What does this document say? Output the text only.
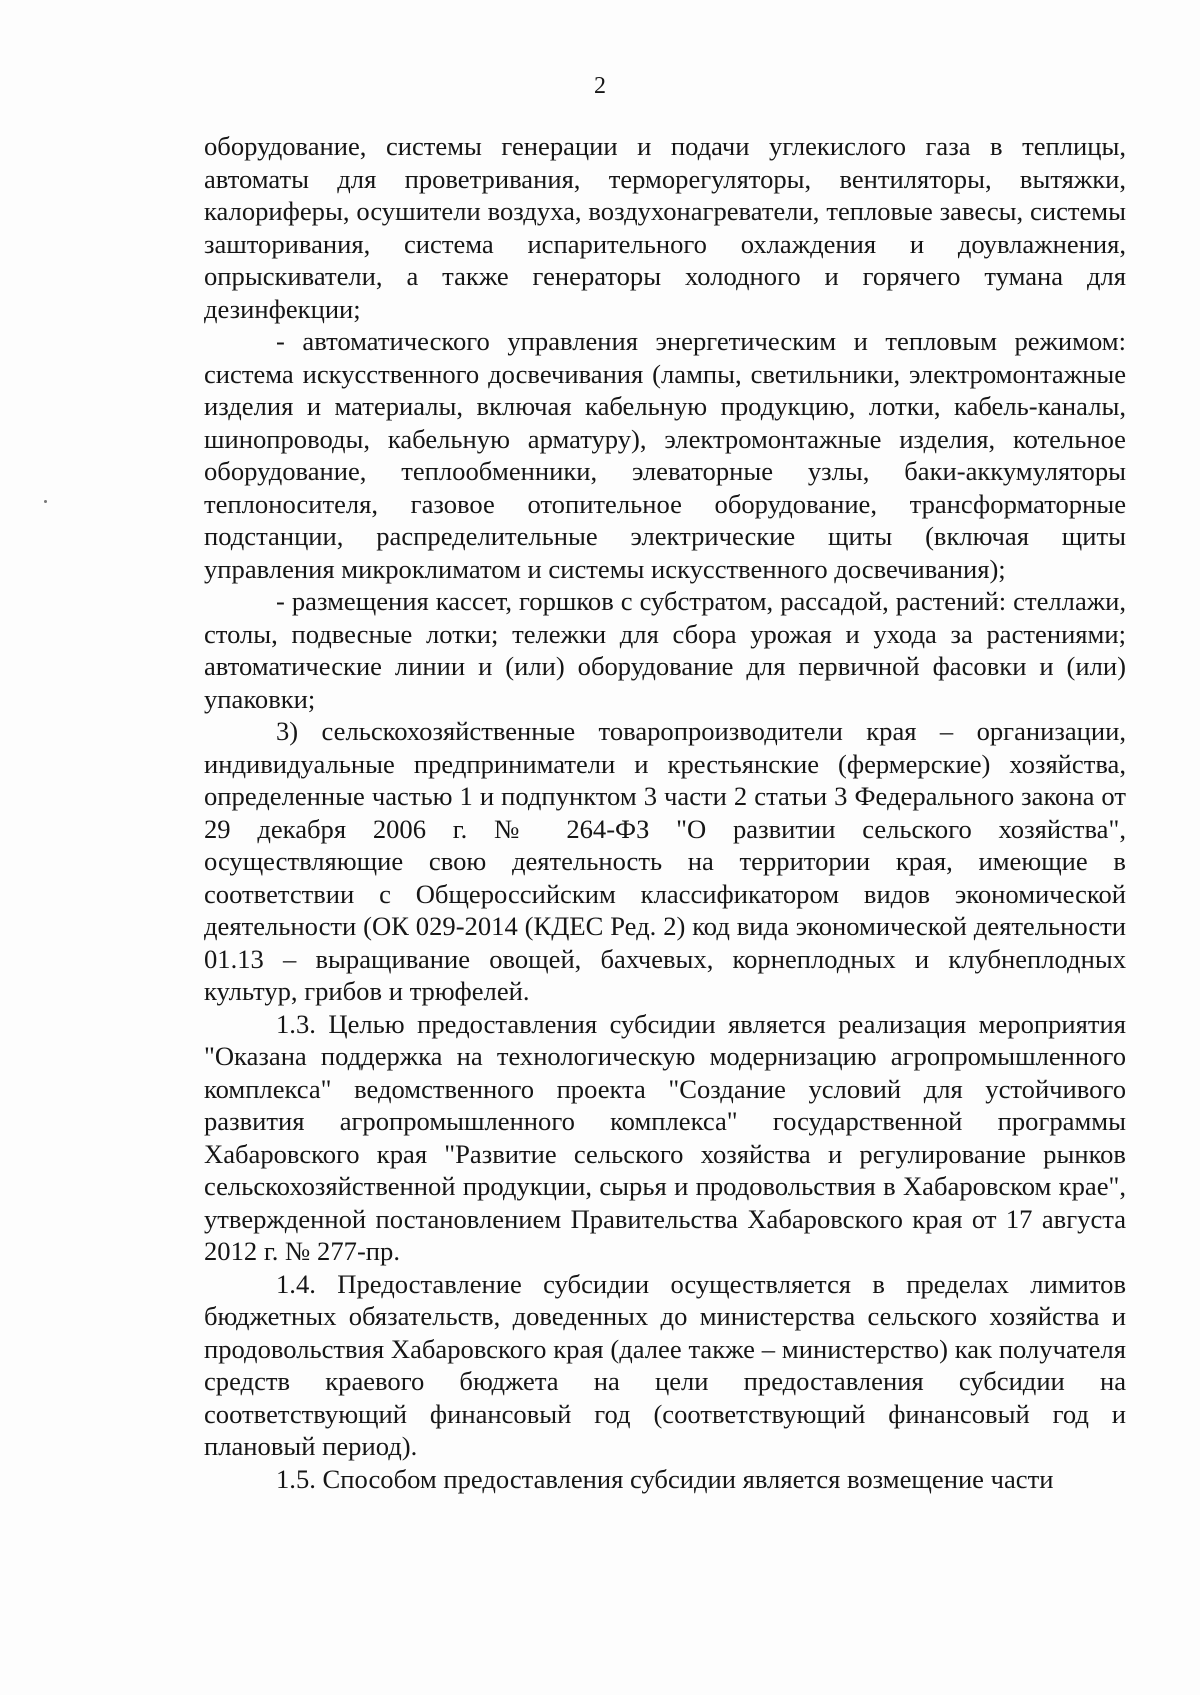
2

оборудование, системы генерации и подачи углекислого газа в теплицы, автоматы для проветривания, терморегуляторы, вентиляторы, вытяжки, калориферы, осушители воздуха, воздухонагреватели, тепловые завесы, системы зашторивания, система испарительного охлаждения и доувлажнения, опрыскиватели, а также генераторы холодного и горячего тумана для дезинфекции;

- автоматического управления энергетическим и тепловым режимом: система искусственного досвечивания (лампы, светильники, электромонтажные изделия и материалы, включая кабельную продукцию, лотки, кабель-каналы, шинопроводы, кабельную арматуру), электромонтажные изделия, котельное оборудование, теплообменники, элеваторные узлы, баки-аккумуляторы теплоносителя, газовое отопительное оборудование, трансформаторные подстанции, распределительные электрические щиты (включая щиты управления микроклиматом и системы искусственного досвечивания);

- размещения кассет, горшков с субстратом, рассадой, растений: стеллажи, столы, подвесные лотки; тележки для сбора урожая и ухода за растениями; автоматические линии и (или) оборудование для первичной фасовки и (или) упаковки;

3) сельскохозяйственные товаропроизводители края – организации, индивидуальные предприниматели и крестьянские (фермерские) хозяйства, определенные частью 1 и подпунктом 3 части 2 статьи 3 Федерального закона от 29 декабря 2006 г. № 264-ФЗ "О развитии сельского хозяйства", осуществляющие свою деятельность на территории края, имеющие в соответствии с Общероссийским классификатором видов экономической деятельности (ОК 029-2014 (КДЕС Ред. 2) код вида экономической деятельности 01.13 – выращивание овощей, бахчевых, корнеплодных и клубнеплодных культур, грибов и трюфелей.

1.3. Целью предоставления субсидии является реализация мероприятия "Оказана поддержка на технологическую модернизацию агропромышленного комплекса" ведомственного проекта "Создание условий для устойчивого развития агропромышленного комплекса" государственной программы Хабаровского края "Развитие сельского хозяйства и регулирование рынков сельскохозяйственной продукции, сырья и продовольствия в Хабаровском крае", утвержденной постановлением Правительства Хабаровского края от 17 августа 2012 г. № 277-пр.

1.4. Предоставление субсидии осуществляется в пределах лимитов бюджетных обязательств, доведенных до министерства сельского хозяйства и продовольствия Хабаровского края (далее также – министерство) как получателя средств краевого бюджета на цели предоставления субсидии на соответствующий финансовый год (соответствующий финансовый год и плановый период).

1.5. Способом предоставления субсидии является возмещение части
